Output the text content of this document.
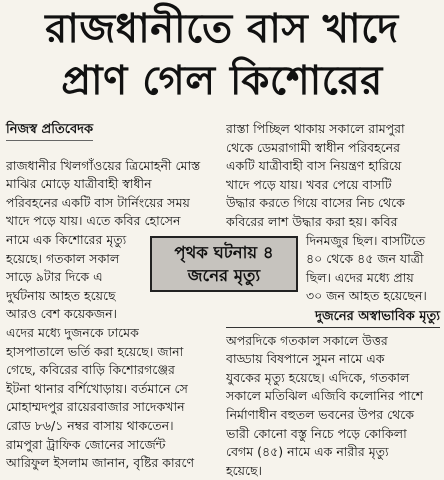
রাজধানীতে বাস খাদে
প্রাণ গেল কিশোরের
নিজস্ব প্রতিবেদক
রাজধানীর খিলগাঁওয়ের ত্রিমোহনী মোস্ত
মাঝির মোড়ে যাত্রীবাহী স্বাধীন
পরিবহনের একটি বাস টার্নিংয়ের সময়
খাদে পড়ে যায়। এতে কবির হোসেন
নামে এক কিশোরের মৃত্যু
হয়েছে। গতকাল সকাল
সাড়ে ৯টার দিকে এ
দুর্ঘটনায় আহত হয়েছে
আরও বেশ কয়েকজন।
এদের মধ্যে দুজনকে ঢামেক
হাসপাতালে ভর্তি করা হয়েছে। জানা
গেছে, কবিরের বাড়ি কিশোরগঞ্জের
ইটনা থানার বর্শিখোড়ায়। বর্তমানে সে
মোহাম্মদপুর রায়েরবাজার সাদেকখান
রোড ৮৬/১ নম্বর বাসায় থাকতেন।
রামপুরা ট্রাফিক জোনের সার্জেন্ট
আরিফুল ইসলাম জানান, বৃষ্টির কারণে
পৃথক ঘটনায় ৪
জনের মৃত্যু
রাস্তা পিচ্ছিল থাকায় সকালে রামপুরা
থেকে ডেমরাগামী স্বাধীন পরিবহনের
একটি যাত্রীবাহী বাস নিয়ন্ত্রণ হারিয়ে
খাদে পড়ে যায়। খবর পেয়ে বাসটি
উদ্ধার করতে গিয়ে বাসের নিচ থেকে
কবিরের লাশ উদ্ধার করা হয়। কবির
দিনমজুর ছিল। বাসটিতে
৪০ থেকে ৪৫ জন যাত্রী
ছিল। এদের মধ্যে প্রায়
৩০ জন আহত হয়েছেন।
দুজনের অস্বাভাবিক মৃত্যু
অপরদিকে গতকাল সকালে উত্তর
বাড্ডায় বিষপানে সুমন নামে এক
যুবকের মৃত্যু হয়েছে। এদিকে, গতকাল
সকালে মতিঝিল এজিবি কলোনির পাশে
নির্মাণাধীন বহুতল ভবনের উপর থেকে
ভারী কোনো বস্তু নিচে পড়ে কোকিলা
বেগম (৪৫) নামে এক নারীর মৃত্যু
হয়েছে।
